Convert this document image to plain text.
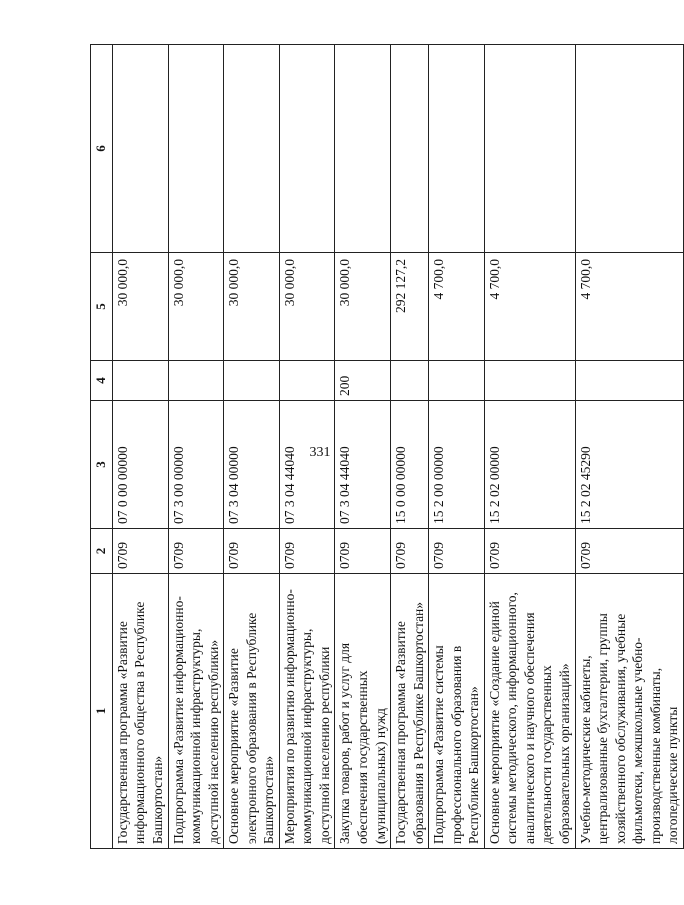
331
1	2	3	4	5	6
Государственная программа «Развитие информационного общества в Республике Башкортостан»	0709	07 0 00 00000		30 000,0	
Подпрограмма «Развитие информационно-коммуникационной инфраструктуры, доступной населению республики»	0709	07 3 00 00000		30 000,0	
Основное мероприятие «Развитие электронного образования в Республике Башкортостан»	0709	07 3 04 00000		30 000,0	
Мероприятия по развитию информационно-коммуникационной инфраструктуры, доступной населению республики	0709	07 3 04 44040		30 000,0	
Закупка товаров, работ и услуг для обеспечения государственных (муниципальных) нужд	0709	07 3 04 44040	200	30 000,0	
Государственная программа «Развитие образования в Республике Башкортостан»	0709	15 0 00 00000		292 127,2	
Подпрограмма «Развитие системы профессионального образования в Республике Башкортостан»	0709	15 2 00 00000		4 700,0	
Основное мероприятие «Создание единой системы методического, информационного, аналитического и научного обеспечения деятельности государственных образовательных организаций»	0709	15 2 02 00000		4 700,0	
Учебно-методические кабинеты, централизованные бухгалтерии, группы хозяйственного обслуживания, учебные фильмотеки, межшкольные учебно-производственные комбинаты, логопедические пункты	0709	15 2 02 45290		4 700,0	
